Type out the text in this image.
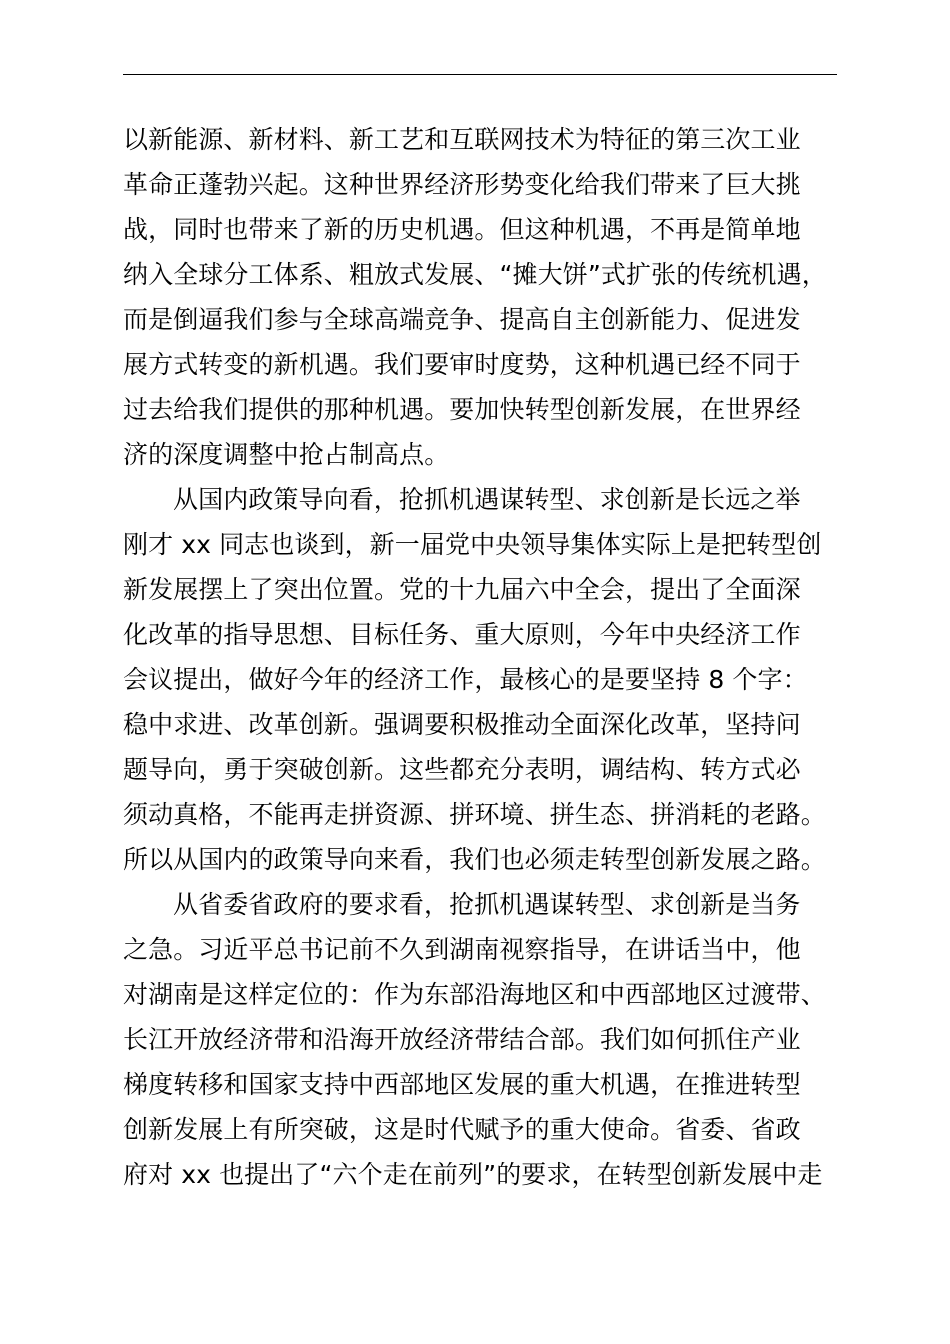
以新能源、新材料、新工艺和互联网技术为特征的第三次工业
革命正蓬勃兴起。这种世界经济形势变化给我们带来了巨大挑
战，同时也带来了新的历史机遇。但这种机遇，不再是简单地
纳入全球分工体系、粗放式发展、“摊大饼”式扩张的传统机遇，
而是倒逼我们参与全球高端竞争、提高自主创新能力、促进发
展方式转变的新机遇。我们要审时度势，这种机遇已经不同于
过去给我们提供的那种机遇。要加快转型创新发展，在世界经
济的深度调整中抢占制高点。
从国内政策导向看，抢抓机遇谋转型、求创新是长远之举
刚才 xx 同志也谈到，新一届党中央领导集体实际上是把转型创
新发展摆上了突出位置。党的十九届六中全会，提出了全面深
化改革的指导思想、目标任务、重大原则，今年中央经济工作
会议提出，做好今年的经济工作，最核心的是要坚持 8 个字：
稳中求进、改革创新。强调要积极推动全面深化改革，坚持问
题导向，勇于突破创新。这些都充分表明，调结构、转方式必
须动真格，不能再走拼资源、拼环境、拼生态、拼消耗的老路。
所以从国内的政策导向来看，我们也必须走转型创新发展之路。
从省委省政府的要求看，抢抓机遇谋转型、求创新是当务
之急。习近平总书记前不久到湖南视察指导，在讲话当中，他
对湖南是这样定位的：作为东部沿海地区和中西部地区过渡带、
长江开放经济带和沿海开放经济带结合部。我们如何抓住产业
梯度转移和国家支持中西部地区发展的重大机遇，在推进转型
创新发展上有所突破，这是时代赋予的重大使命。省委、省政
府对 xx 也提出了“六个走在前列”的要求，在转型创新发展中走
